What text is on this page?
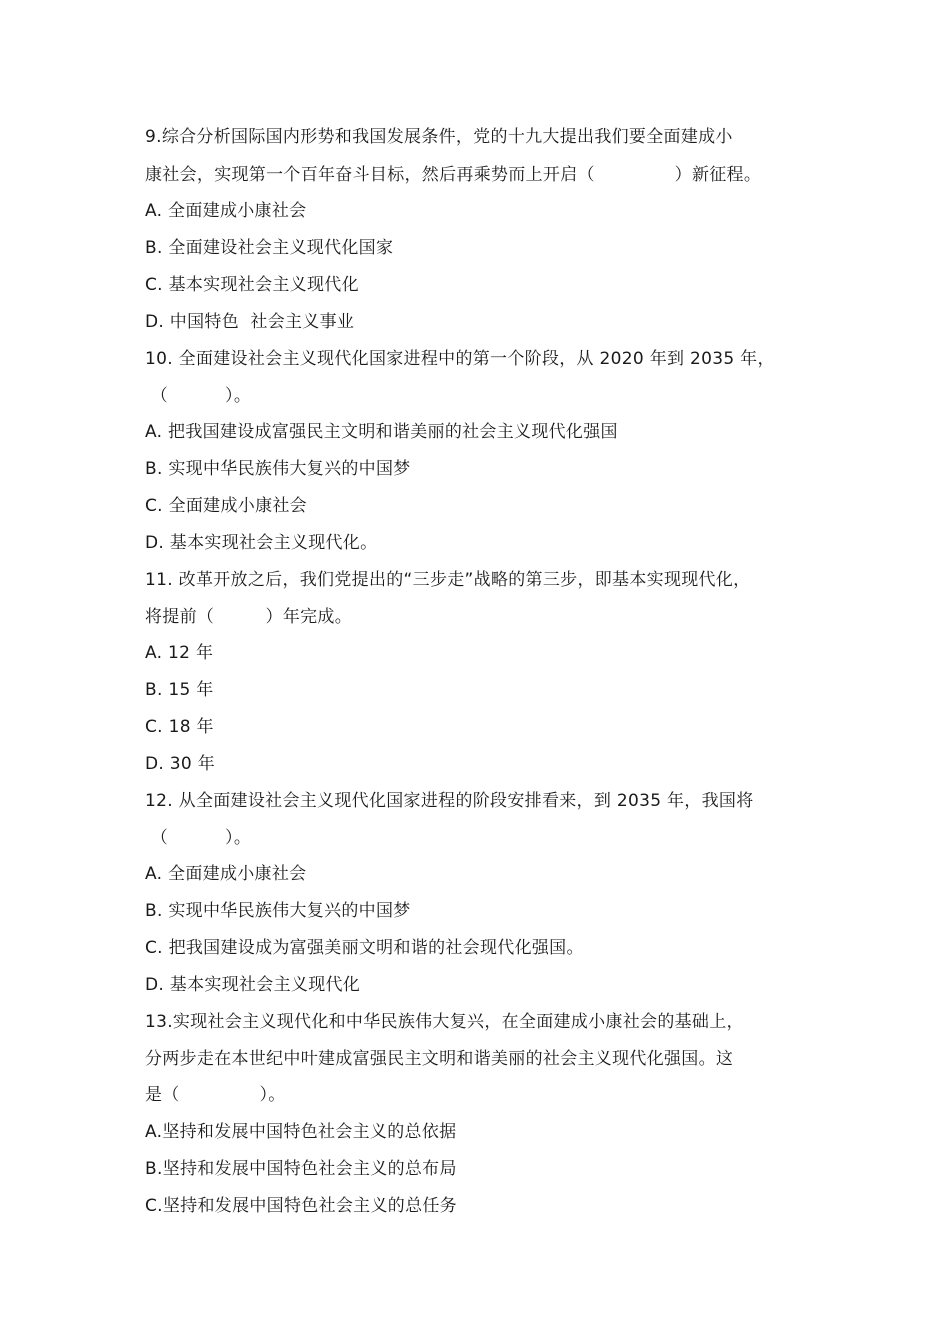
9.综合分析国际国内形势和我国发展条件，党的十九大提出我们要全面建成小
康社会，实现第一个百年奋斗目标，然后再乘势而上开启（              ）新征程。
A. 全面建成小康社会
B. 全面建设社会主义现代化国家
C. 基本实现社会主义现代化
D. 中国特色  社会主义事业
10. 全面建设社会主义现代化国家进程中的第一个阶段，从 2020 年到 2035 年，
（          ）。
A. 把我国建设成富强民主文明和谐美丽的社会主义现代化强国
B. 实现中华民族伟大复兴的中国梦
C. 全面建成小康社会
D. 基本实现社会主义现代化。
11. 改革开放之后，我们党提出的“三步走”战略的第三步，即基本实现现代化，
将提前（         ）年完成。
A. 12 年
B. 15 年
C. 18 年
D. 30 年
12. 从全面建设社会主义现代化国家进程的阶段安排看来，到 2035 年，我国将
（          ）。
A. 全面建成小康社会
B. 实现中华民族伟大复兴的中国梦
C. 把我国建设成为富强美丽文明和谐的社会现代化强国。
D. 基本实现社会主义现代化
13.实现社会主义现代化和中华民族伟大复兴，在全面建成小康社会的基础上，
分两步走在本世纪中叶建成富强民主文明和谐美丽的社会主义现代化强国。这
是（              ）。
A.坚持和发展中国特色社会主义的总依据
B.坚持和发展中国特色社会主义的总布局
C.坚持和发展中国特色社会主义的总任务
